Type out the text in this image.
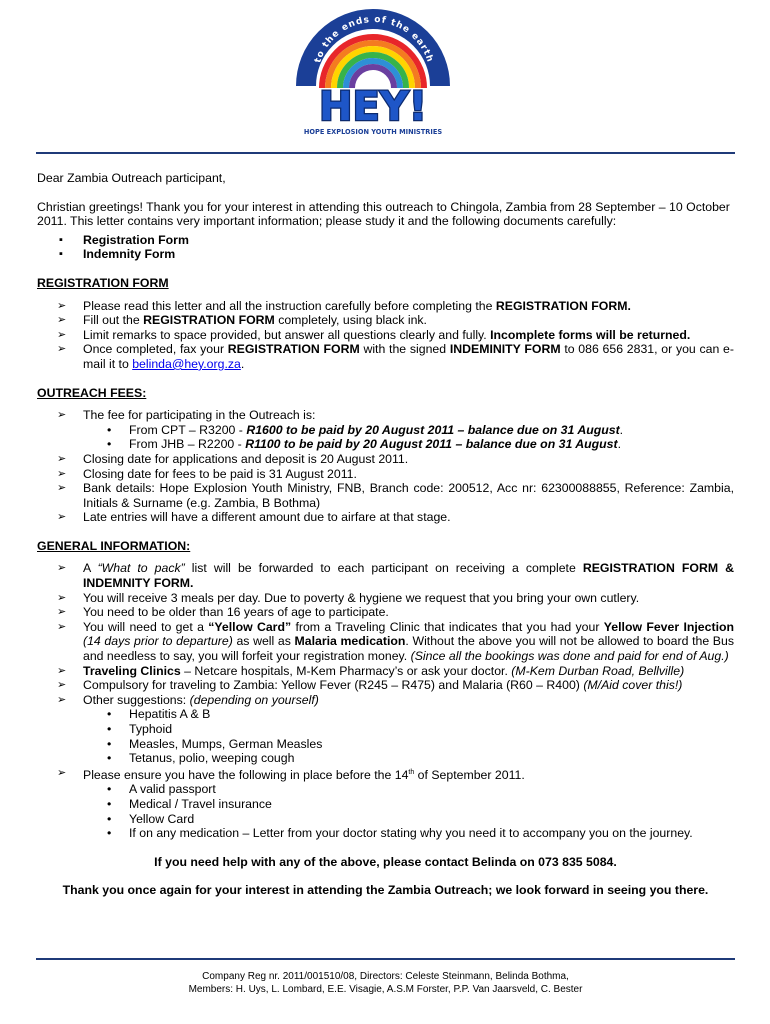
to the ends of the earth
HEY!
HOPE EXPLOSION YOUTH MINISTRIES

Dear Zambia Outreach participant,

Christian greetings! Thank you for your interest in attending this outreach to Chingola, Zambia from 28 September – 10 October 2011. This letter contains very important information; please study it and the following documents carefully:

▪ Registration Form
▪ Indemnity Form

REGISTRATION FORM

➢ Please read this letter and all the instruction carefully before completing the REGISTRATION FORM.
➢ Fill out the REGISTRATION FORM completely, using black ink.
➢ Limit remarks to space provided, but answer all questions clearly and fully. Incomplete forms will be returned.
➢ Once completed, fax your REGISTRATION FORM with the signed INDEMINITY FORM to 086 656 2831, or you can e-mail it to belinda@hey.org.za.

OUTREACH FEES:

➢ The fee for participating in the Outreach is:
• From CPT – R3200 - R1600 to be paid by 20 August 2011 – balance due on 31 August.
• From JHB – R2200 - R1100 to be paid by 20 August 2011 – balance due on 31 August.
➢ Closing date for applications and deposit is 20 August 2011.
➢ Closing date for fees to be paid is 31 August 2011.
➢ Bank details: Hope Explosion Youth Ministry, FNB, Branch code: 200512, Acc nr: 62300088855, Reference: Zambia, Initials & Surname (e.g. Zambia, B Bothma)
➢ Late entries will have a different amount due to airfare at that stage.

GENERAL INFORMATION:

➢ A “What to pack” list will be forwarded to each participant on receiving a complete REGISTRATION FORM & INDEMNITY FORM.
➢ You will receive 3 meals per day. Due to poverty & hygiene we request that you bring your own cutlery.
➢ You need to be older than 16 years of age to participate.
➢ You will need to get a “Yellow Card” from a Traveling Clinic that indicates that you had your Yellow Fever Injection (14 days prior to departure) as well as Malaria medication. Without the above you will not be allowed to board the Bus and needless to say, you will forfeit your registration money. (Since all the bookings was done and paid for end of Aug.)
➢ Traveling Clinics – Netcare hospitals, M-Kem Pharmacy’s or ask your doctor. (M-Kem Durban Road, Bellville)
➢ Compulsory for traveling to Zambia: Yellow Fever (R245 – R475) and Malaria (R60 – R400) (M/Aid cover this!)
➢ Other suggestions: (depending on yourself)
• Hepatitis A & B
• Typhoid
• Measles, Mumps, German Measles
• Tetanus, polio, weeping cough
➢ Please ensure you have the following in place before the 14th of September 2011.
• A valid passport
• Medical / Travel insurance
• Yellow Card
• If on any medication – Letter from your doctor stating why you need it to accompany you on the journey.

If you need help with any of the above, please contact Belinda on 073 835 5084.

Thank you once again for your interest in attending the Zambia Outreach; we look forward in seeing you there.

Company Reg nr. 2011/001510/08, Directors: Celeste Steinmann, Belinda Bothma,
Members: H. Uys, L. Lombard, E.E. Visagie, A.S.M Forster, P.P. Van Jaarsveld, C. Bester
